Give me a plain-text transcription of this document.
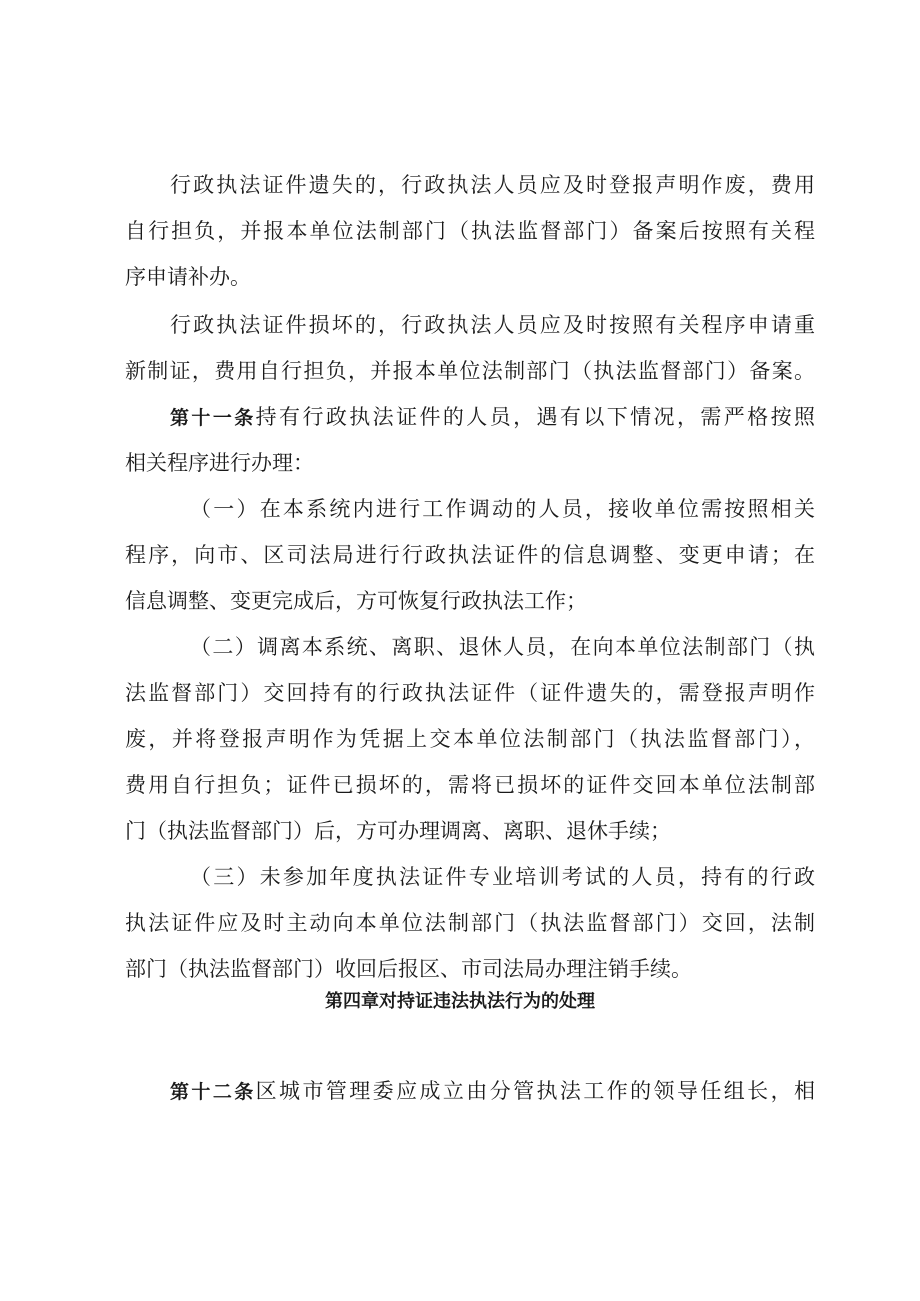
行政执法证件遗失的，行政执法人员应及时登报声明作废，费用
自行担负，并报本单位法制部门（执法监督部门）备案后按照有关程
序申请补办。
行政执法证件损坏的，行政执法人员应及时按照有关程序申请重
新制证，费用自行担负，并报本单位法制部门（执法监督部门）备案。
第十一条持有行政执法证件的人员，遇有以下情况，需严格按照
相关程序进行办理：
（一）在本系统内进行工作调动的人员，接收单位需按照相关
程序，向市、区司法局进行行政执法证件的信息调整、变更申请；在
信息调整、变更完成后，方可恢复行政执法工作；
（二）调离本系统、离职、退休人员，在向本单位法制部门（执
法监督部门）交回持有的行政执法证件（证件遗失的，需登报声明作
废，并将登报声明作为凭据上交本单位法制部门（执法监督部门），
费用自行担负；证件已损坏的，需将已损坏的证件交回本单位法制部
门（执法监督部门）后，方可办理调离、离职、退休手续；
（三）未参加年度执法证件专业培训考试的人员，持有的行政
执法证件应及时主动向本单位法制部门（执法监督部门）交回，法制
部门（执法监督部门）收回后报区、市司法局办理注销手续。
第四章对持证违法执法行为的处理
第十二条区城市管理委应成立由分管执法工作的领导任组长，相
